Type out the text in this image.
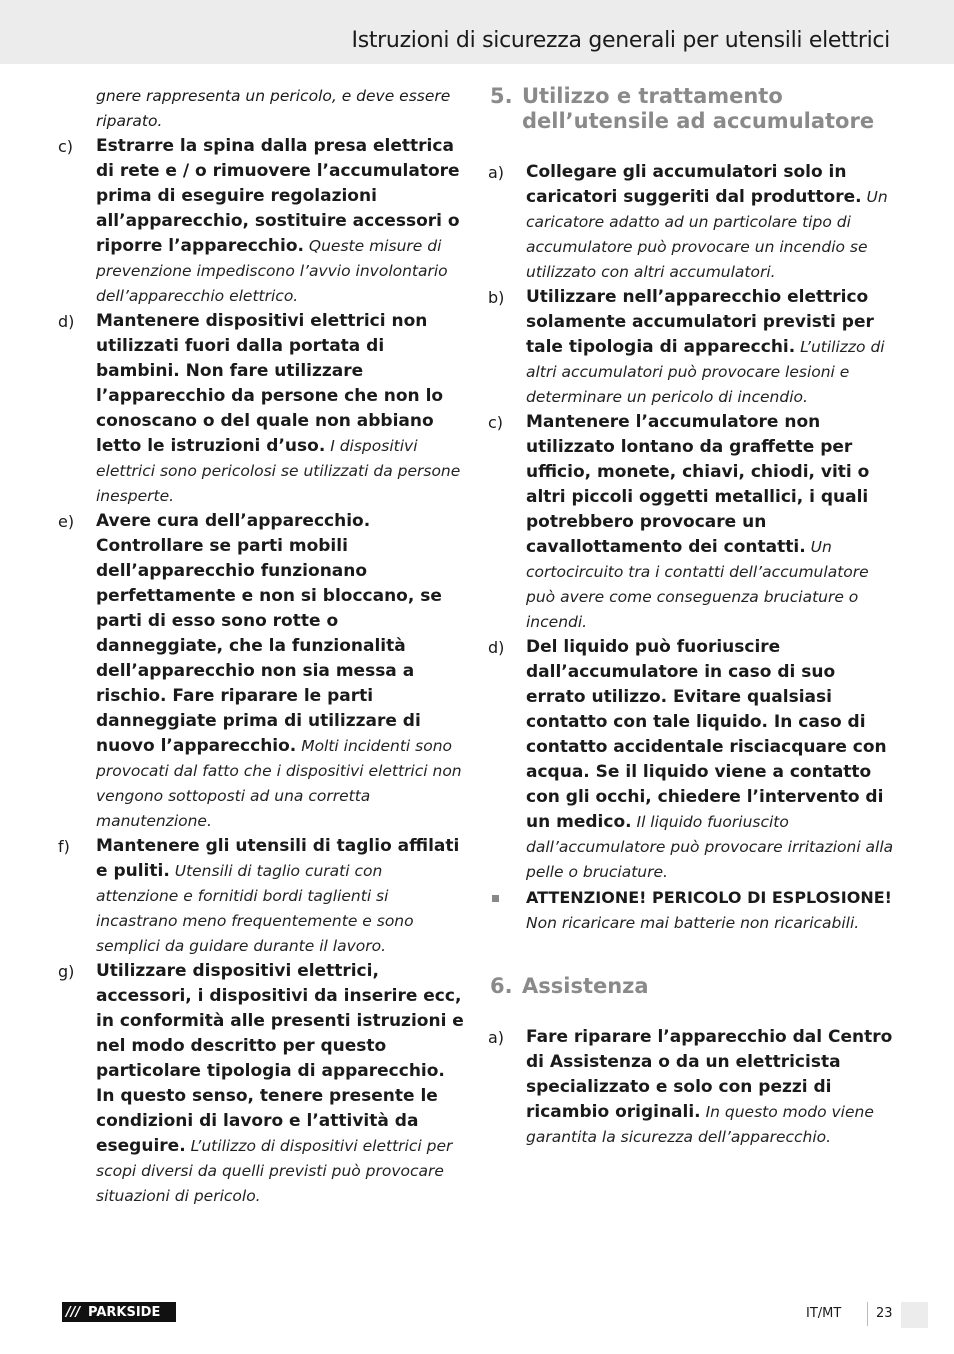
Istruzioni di sicurezza generali per utensili elettrici
gnere rappresenta un pericolo, e deve essere
riparato.
c) Estrarre la spina dalla presa elettrica di rete e / o rimuovere l’accumulatore prima di eseguire regolazioni all’apparecchio, sostituire accessori o riporre l’apparecchio. Queste misure di prevenzione impediscono l’avvio involontario dell’apparecchio elettrico.
d) Mantenere dispositivi elettrici non utilizzati fuori dalla portata di bambini. Non fare utilizzare l’apparecchio da persone che non lo conoscano o del quale non abbiano letto le istruzioni d’uso. I dispositivi elettrici sono pericolosi se utilizzati da persone inesperte.
e) Avere cura dell’apparecchio. Controllare se parti mobili dell’apparecchio funzionano perfettamente e non si bloccano, se parti di esso sono rotte o danneggiate, che la funzionalità dell’apparecchio non sia messa a rischio. Fare riparare le parti danneggiate prima di utilizzare di nuovo l’apparecchio. Molti incidenti sono provocati dal fatto che i dispositivi elettrici non vengono sottoposti ad una corretta manutenzione.
f) Mantenere gli utensili di taglio affilati e puliti. Utensili di taglio curati con attenzione e fornitidi bordi taglienti si incastrano meno frequentemente e sono semplici da guidare durante il lavoro.
g) Utilizzare dispositivi elettrici, accessori, i dispositivi da inserire ecc, in conformità alle presenti istruzioni e nel modo descritto per questo particolare tipologia di apparecchio. In questo senso, tenere presente le condizioni di lavoro e l’attività da eseguire. L’utilizzo di dispositivi elettrici per scopi diversi da quelli previsti può provocare situazioni di pericolo.
5. Utilizzo e trattamento dell’utensile ad accumulatore
a) Collegare gli accumulatori solo in caricatori suggeriti dal produttore. Un caricatore adatto ad un particolare tipo di accumulatore può provocare un incendio se utilizzato con altri accumulatori.
b) Utilizzare nell’apparecchio elettrico solamente accumulatori previsti per tale tipologia di apparecchi. L’utilizzo di altri accumulatori può provocare lesioni e determinare un pericolo di incendio.
c) Mantenere l’accumulatore non utilizzato lontano da graffette per ufficio, monete, chiavi, chiodi, viti o altri piccoli oggetti metallici, i quali potrebbero provocare un cavallottamento dei contatti. Un cortocircuito tra i contatti dell’accumulatore può avere come conseguenza bruciature o incendi.
d) Del liquido può fuoriuscire dall’accumulatore in caso di suo errato utilizzo. Evitare qualsiasi contatto con tale liquido. In caso di contatto accidentale risciacquare con acqua. Se il liquido viene a contatto con gli occhi, chiedere l’intervento di un medico. Il liquido fuoriuscito dall’accumulatore può provocare irritazioni alla pelle o bruciature.
ATTENZIONE! PERICOLO DI ESPLOSIONE!
Non ricaricare mai batterie non ricaricabili.
6. Assistenza
a) Fare riparare l’apparecchio dal Centro di Assistenza o da un elettricista specializzato e solo con pezzi di ricambio originali. In questo modo viene garantita la sicurezza dell’apparecchio.
/// PARKSIDE	IT/MT	23
